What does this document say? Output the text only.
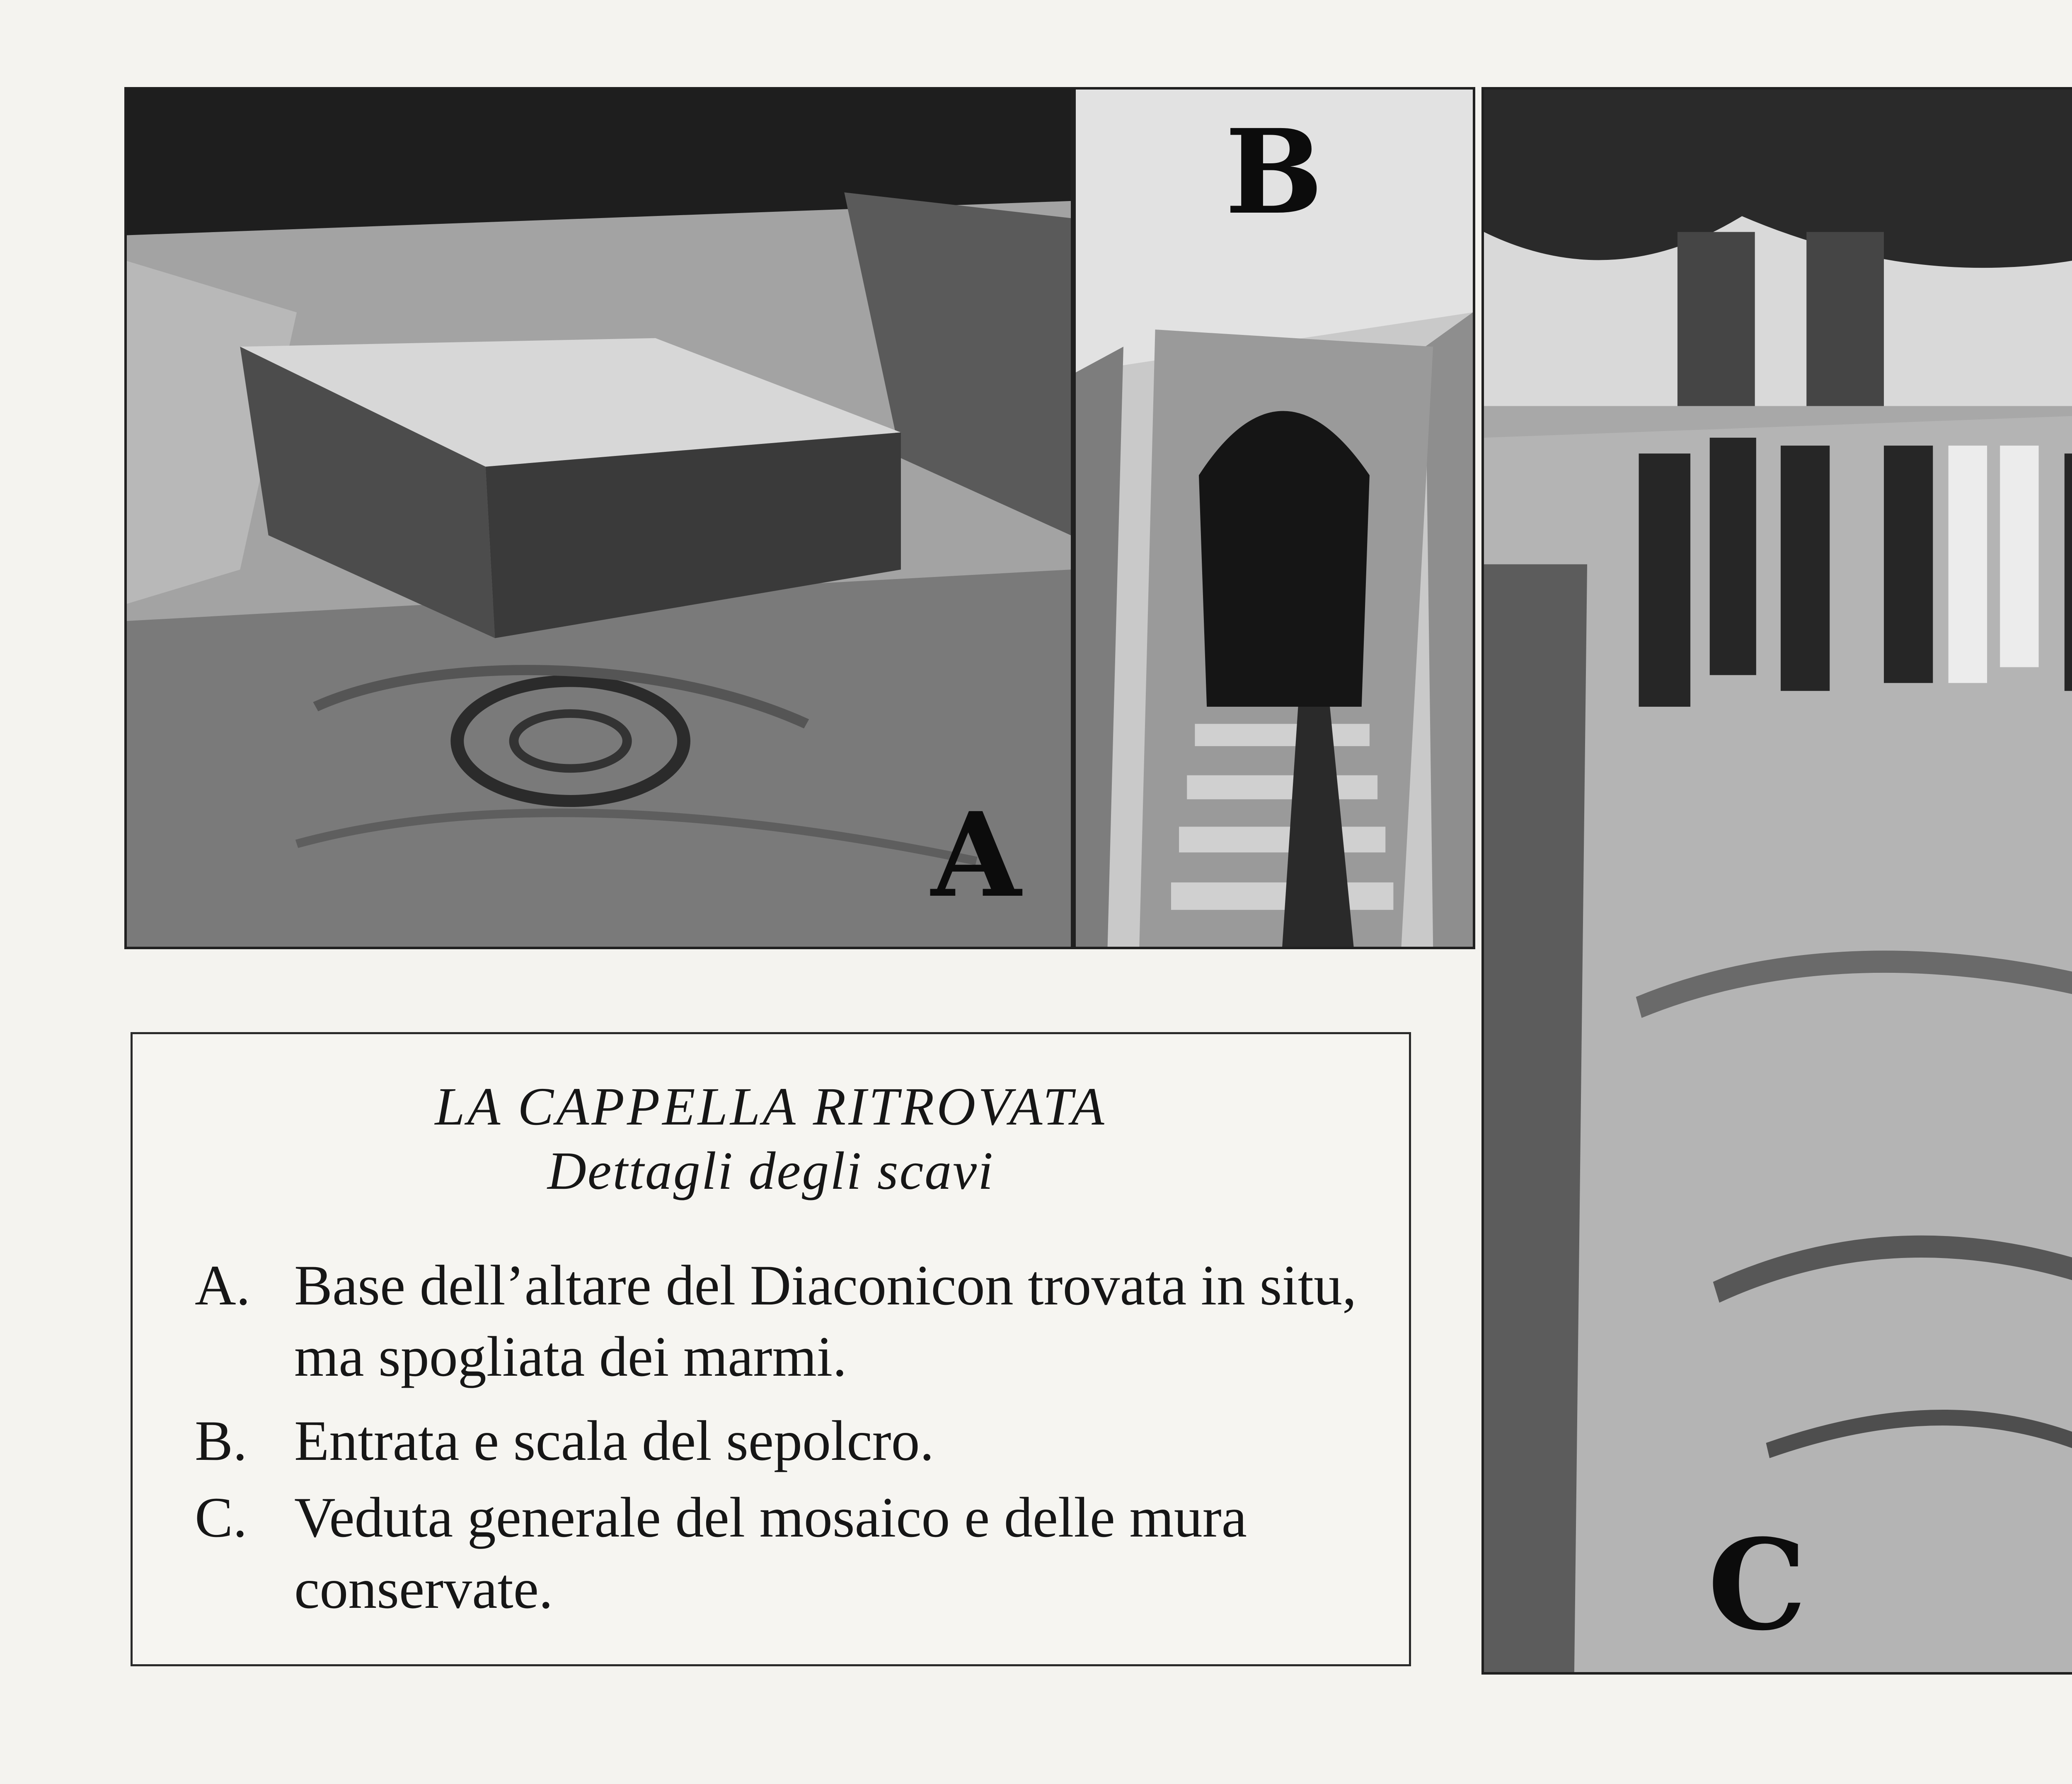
A
B
C
LA CAPPELLA RITROVATA
Dettagli degli scavi
A. Base dell’altare del Diaconicon trovata in situ, ma spogliata dei marmi.
B. Entrata e scala del sepolcro.
C. Veduta generale del mosaico e delle mura conservate.
